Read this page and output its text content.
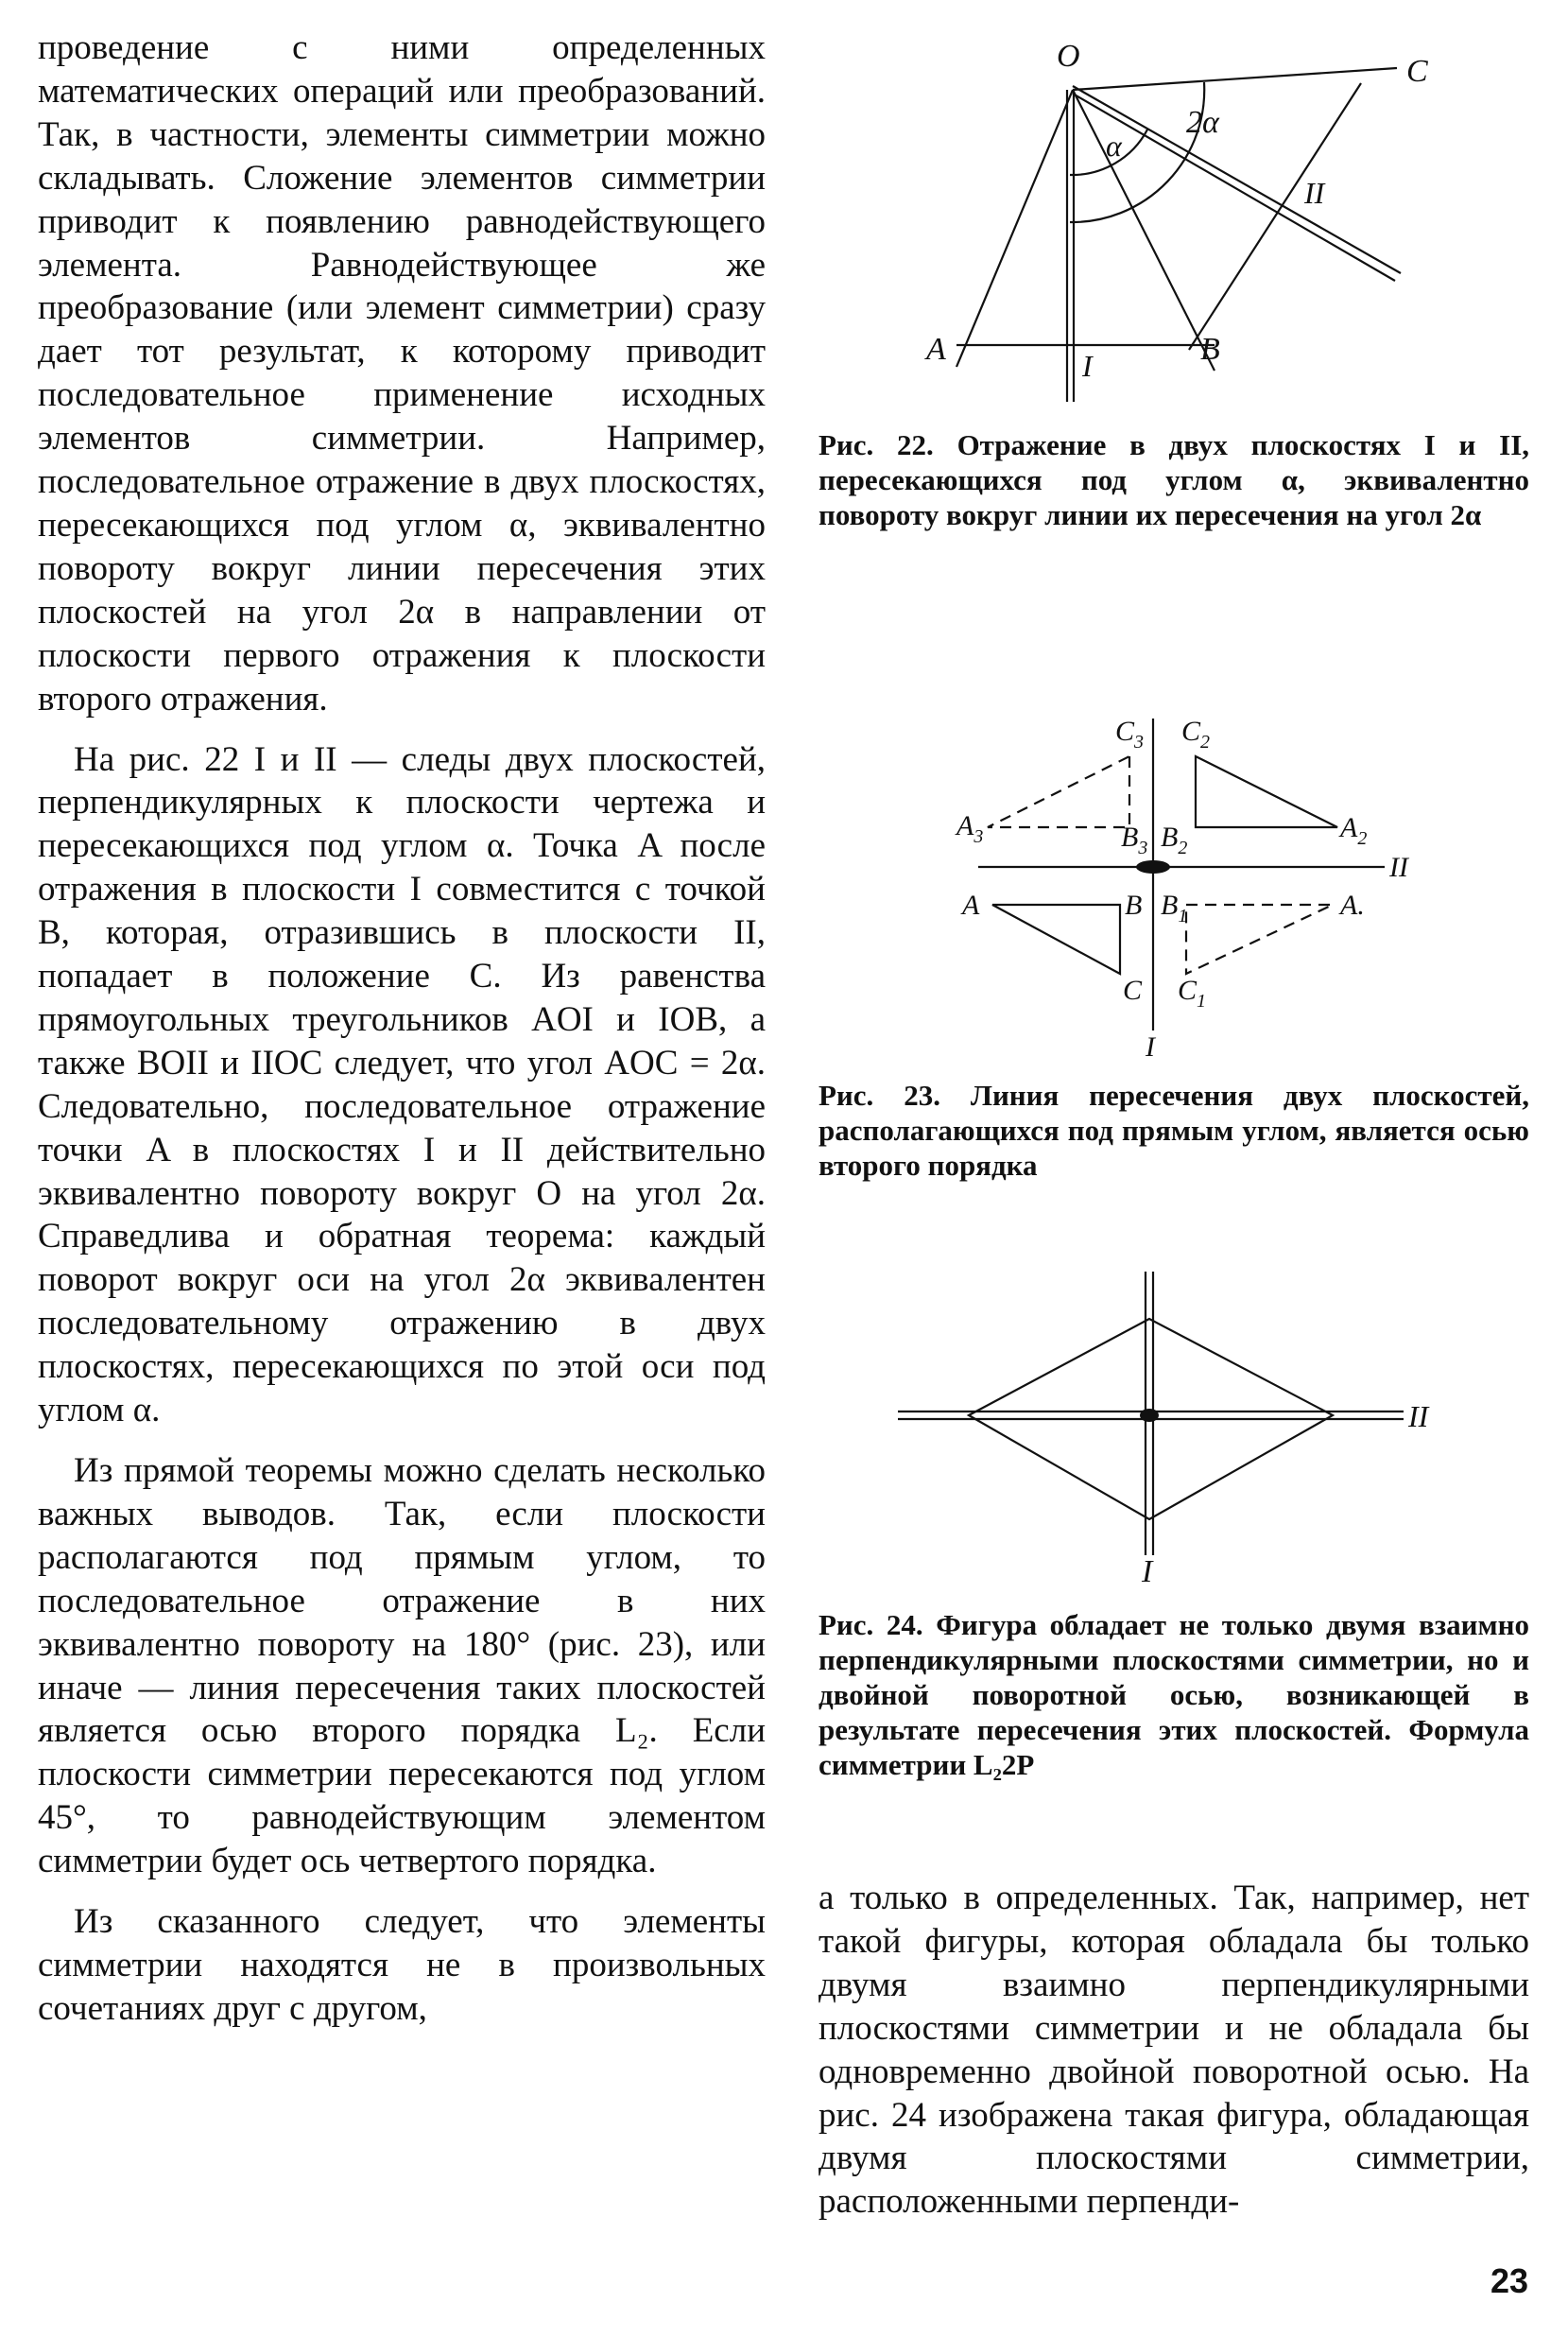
проведение с ними определенных математических операций или преобразований. Так, в частности, элементы симметрии можно складывать. Сложение элементов симметрии приводит к появлению равнодействующего элемента. Равнодействующее же преобразование (или элемент симметрии) сразу дает тот результат, к которому приводит последовательное применение исходных элементов симметрии. Например, последовательное отражение в двух плоскостях, пересекающихся под углом α, эквивалентно повороту вокруг линии пересечения этих плоскостей на угол 2α в направлении от плоскости первого отражения к плоскости второго отражения.

На рис. 22 I и II — следы двух плоскостей, перпендикулярных к плоскости чертежа и пересекающихся под углом α. Точка A после отражения в плоскости I совместится с точкой B, которая, отразившись в плоскости II, попадает в положение C. Из равенства прямоугольных треугольников AOI и IOB, а также BOII и IIOC следует, что угол AOC = 2α. Следовательно, последовательное отражение точки A в плоскостях I и II действительно эквивалентно повороту вокруг O на угол 2α. Справедлива и обратная теорема: каждый поворот вокруг оси на угол 2α эквивалентен последовательному отражению в двух плоскостях, пересекающихся по этой оси под углом α.

Из прямой теоремы можно сделать несколько важных выводов. Так, если плоскости располагаются под прямым углом, то последовательное отражение в них эквивалентно повороту на 180° (рис. 23), или иначе — линия пересечения таких плоскостей является осью второго порядка L₂. Если плоскости симметрии пересекаются под углом 45°, то равнодействующим элементом симметрии будет ось четвертого порядка.

Из сказанного следует, что элементы симметрии находятся не в произвольных сочетаниях друг с другом,

O	C
2α
α
II
A	I	B
Рис. 22. Отражение в двух плоскостях I и II, пересекающихся под углом α, эквивалентно повороту вокруг линии их пересечения на угол 2α
$C_3$ $C_2$
$A_3$	$B_3$ $B_2$
$A_2$
II
A	B $B_1$	A.
C $C_1$
I
Рис. 23. Линия пересечения двух плоскостей, располагающихся под прямым углом, является осью второго порядка
II
I
Рис. 24. Фигура обладает не только двумя взаимно перпендикулярными плоскостями симметрии, но и двойной поворотной осью, возникающей в результате пересечения этих плоскостей. Формула симметрии L₂2P

а только в определенных. Так, например, нет такой фигуры, которая обладала бы только двумя взаимно перпендикулярными плоскостями симметрии и не обладала бы одновременно двойной поворотной осью. На рис. 24 изображена такая фигура, обладающая двумя плоскостями симметрии, расположенными перпенди-

23
